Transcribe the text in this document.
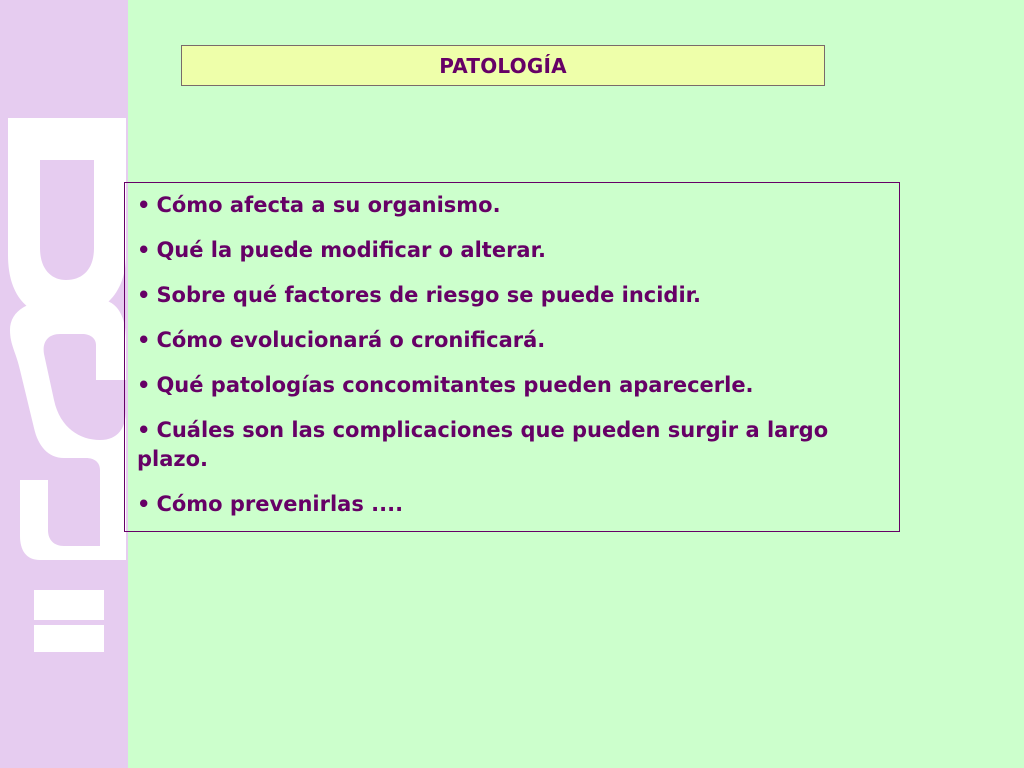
PATOLOGÍA
• Cómo afecta a su organismo.
• Qué la puede modificar o alterar.
• Sobre qué factores de riesgo se puede incidir.
• Cómo evolucionará o cronificará.
• Qué patologías concomitantes pueden aparecerle.
• Cuáles son las complicaciones que pueden surgir a largo plazo.
• Cómo prevenirlas ....
